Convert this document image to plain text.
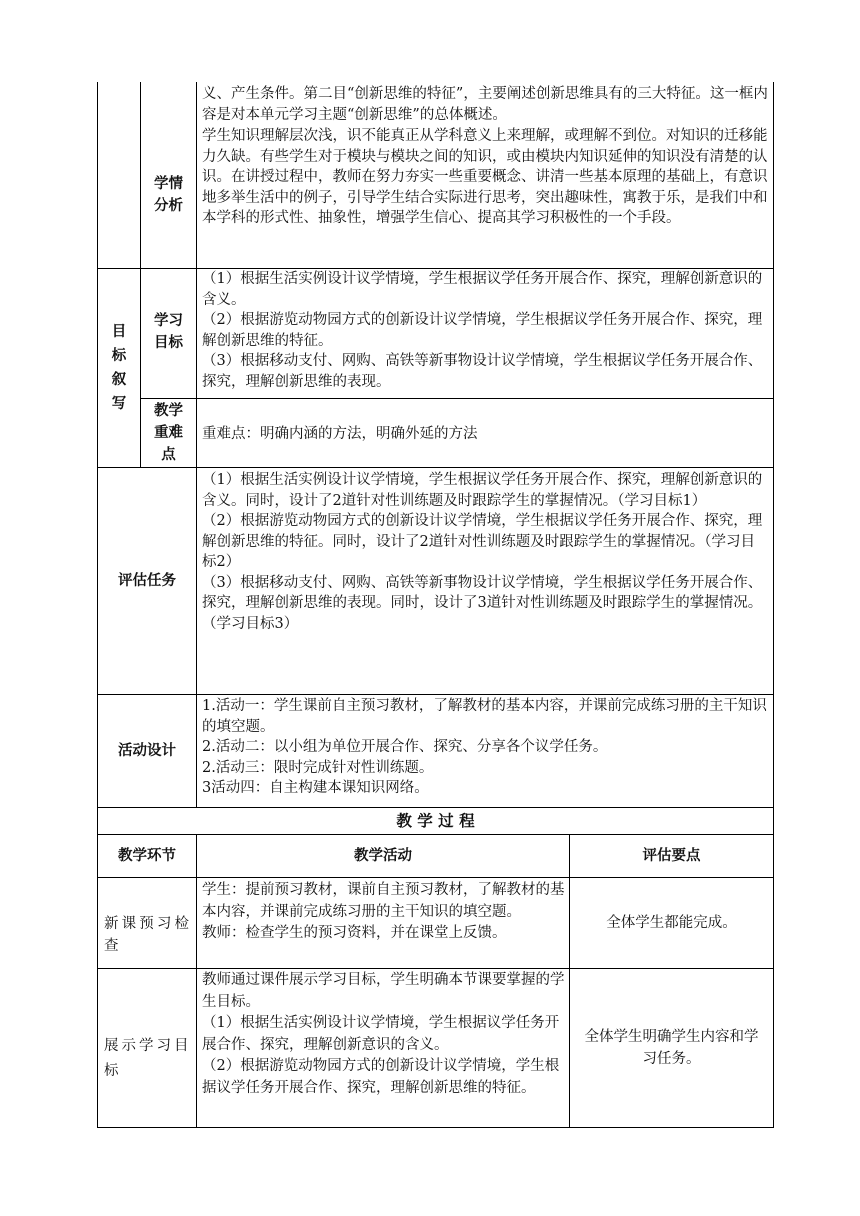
义、产生条件。第二目“创新思维的特征”，主要阐述创新思维具有的三大特征。这一框内容是对本单元学习主题“创新思维”的总体概述。

学情分析

学生知识理解层次浅，识不能真正从学科意义上来理解，或理解不到位。对知识的迁移能力久缺。有些学生对于模块与模块之间的知识，或由模块内知识延伸的知识没有清楚的认识。在讲授过程中，教师在努力夯实一些重要概念、讲清一些基本原理的基础上，有意识地多举生活中的例子，引导学生结合实际进行思考，突出趣味性，寓教于乐，是我们中和本学科的形式性、抽象性，增强学生信心、提高其学习积极性的一个手段。

目标叙写
学习目标

（1）根据生活实例设计议学情境，学生根据议学任务开展合作、探究，理解创新意识的含义。

（2）根据游览动物园方式的创新设计议学情境，学生根据议学任务开展合作、探究，理解创新思维的特征。

（3）根据移动支付、网购、高铁等新事物设计议学情境，学生根据议学任务开展合作、探究，理解创新思维的表现。

教学重难点

重难点：明确内涵的方法，明确外延的方法

评估任务

（1）根据生活实例设计议学情境，学生根据议学任务开展合作、探究，理解创新意识的含义。同时，设计了2道针对性训练题及时跟踪学生的掌握情况。（学习目标1）

（2）根据游览动物园方式的创新设计议学情境，学生根据议学任务开展合作、探究，理解创新思维的特征。同时，设计了2道针对性训练题及时跟踪学生的掌握情况。（学习目标2）

（3）根据移动支付、网购、高铁等新事物设计议学情境，学生根据议学任务开展合作、探究，理解创新思维的表现。同时，设计了3道针对性训练题及时跟踪学生的掌握情况。（学习目标3）

活动设计

1.活动一：学生课前自主预习教材，了解教材的基本内容，并课前完成练习册的主干知识的填空题。

2.活动二：以小组为单位开展合作、探究、分享各个议学任务。

2.活动三：限时完成针对性训练题。

3活动四：自主构建本课知识网络。

教 学 过 程
教学环节	教学活动	评估要点
新课预习检查

学生：提前预习教材，课前自主预习教材，了解教材的基本内容，并课前完成练习册的主干知识的填空题。

教师：检查学生的预习资料，并在课堂上反馈。

全体学生都能完成。
展示学习目标

教师通过课件展示学习目标，学生明确本节课要掌握的学生目标。

（1）根据生活实例设计议学情境，学生根据议学任务开展合作、探究，理解创新意识的含义。

（2）根据游览动物园方式的创新设计议学情境，学生根据议学任务开展合作、探究，理解创新思维的特征。

全体学生明确学生内容和学习任务。
